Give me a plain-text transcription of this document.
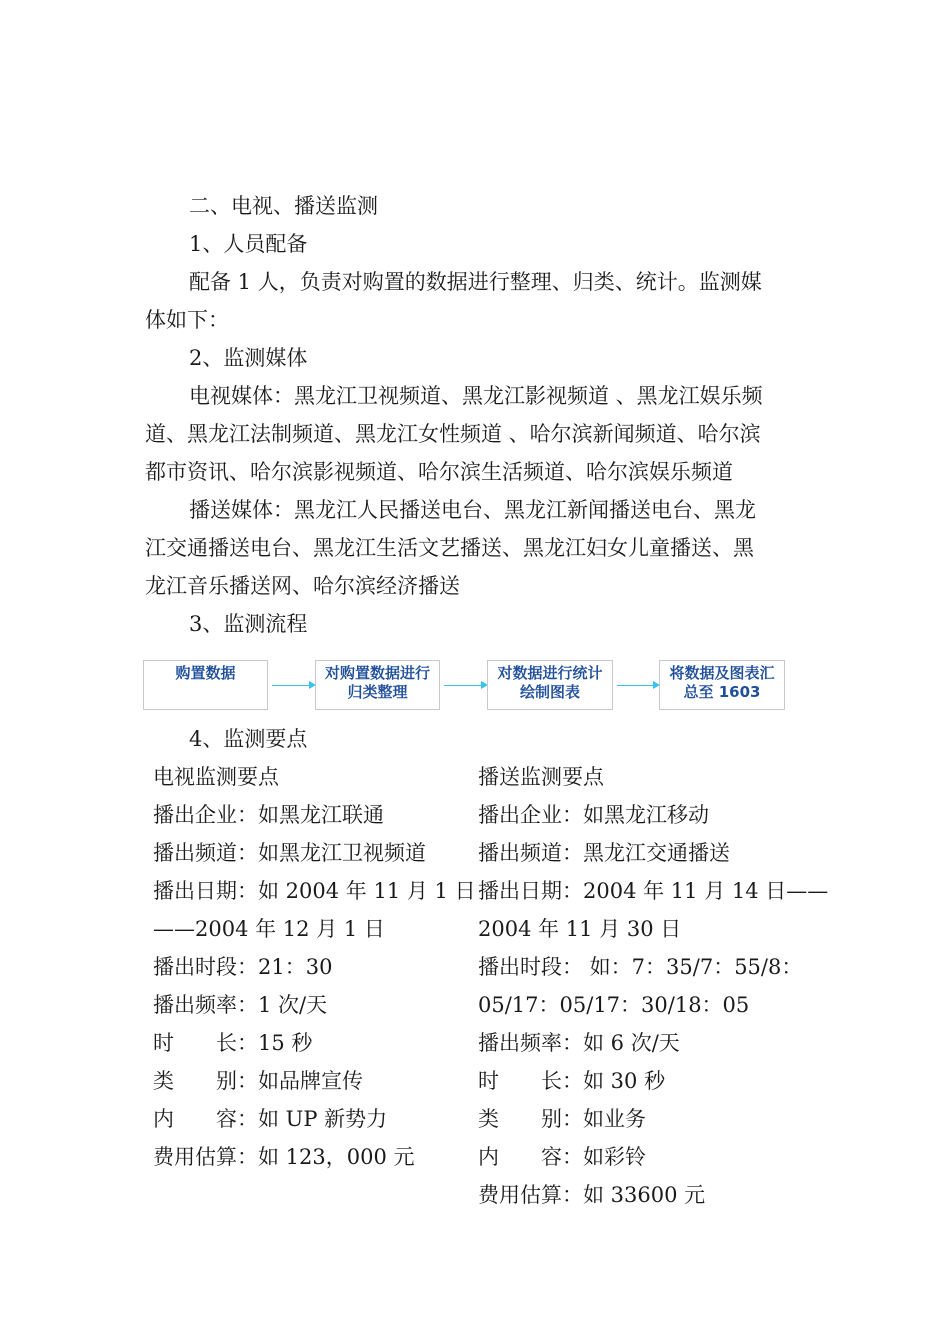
二、电视、播送监测
1、人员配备
配备 1 人，负责对购置的数据进行整理、归类、统计。监测媒
体如下：
2、监测媒体
电视媒体：黑龙江卫视频道、黑龙江影视频道 、黑龙江娱乐频
道、黑龙江法制频道、黑龙江女性频道 、哈尔滨新闻频道、哈尔滨
都市资讯、哈尔滨影视频道、哈尔滨生活频道、哈尔滨娱乐频道
播送媒体：黑龙江人民播送电台、黑龙江新闻播送电台、黑龙
江交通播送电台、黑龙江生活文艺播送、黑龙江妇女儿童播送、黑
龙江音乐播送网、哈尔滨经济播送
3、监测流程
购置数据	对购置数据进行
归类整理
对数据进行统计
绘制图表
将数据及图表汇
总至 1603
4、监测要点
电视监测要点
播出企业：如黑龙江联通
播出频道：如黑龙江卫视频道
播出日期：如 2004 年 11 月 1 日
——2004 年 12 月 1 日
播出时段：21：30
播出频率：1 次/天
时　　长：15 秒
类　　别：如品牌宣传
内　　容：如 UP 新势力
费用估算：如 123，000 元
播送监测要点
播出企业：如黑龙江移动
播出频道：黑龙江交通播送
播出日期：2004 年 11 月 14 日——
2004 年 11 月 30 日
播出时段： 如：7：35/7：55/8：
05/17：05/17：30/18：05
播出频率：如 6 次/天
时　　长：如 30 秒
类　　别：如业务
内　　容：如彩铃
费用估算：如 33600 元
